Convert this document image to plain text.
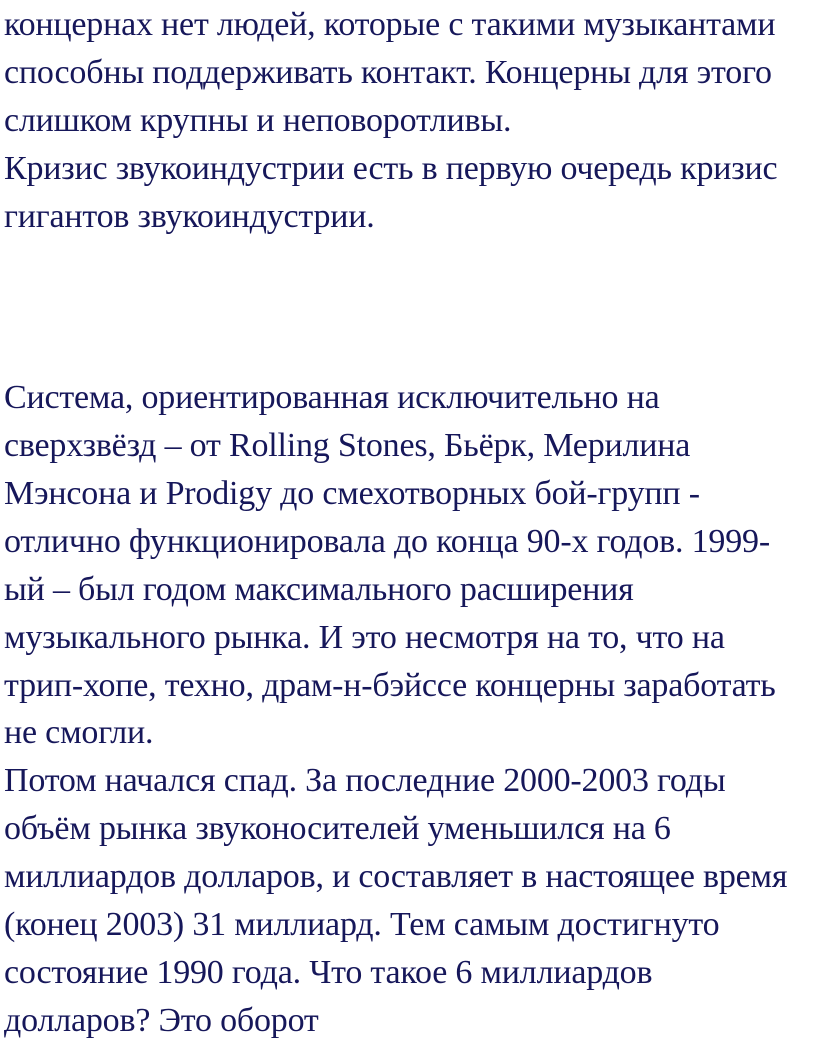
концернах нет людей, которые с такими музыкантами
способны поддерживать контакт. Концерны для этого
слишком крупны и неповоротливы.
Кризис звукоиндустрии есть в первую очередь кризис
гигантов звукоиндустрии.
Система, ориентированная исключительно на
сверхзвёзд – от Rolling Stones, Бьёрк, Мерилина
Мэнсона и Prodigy до смехотворных бой-групп -
отлично функционировала до конца 90-х годов. 1999-
ый – был годом максимального расширения
музыкального рынка. И это несмотря на то, что на
трип-хопе, техно, драм-н-бэйссе концерны заработать
не смогли.
Потом начался спад. За последние 2000-2003 годы
объём рынка звуконосителей уменьшился на 6
миллиардов долларов, и составляет в настоящее время
(конец 2003) 31 миллиард. Тем самым достигнуто
состояние 1990 года. Что такое 6 миллиардов
долларов? Это оборот
